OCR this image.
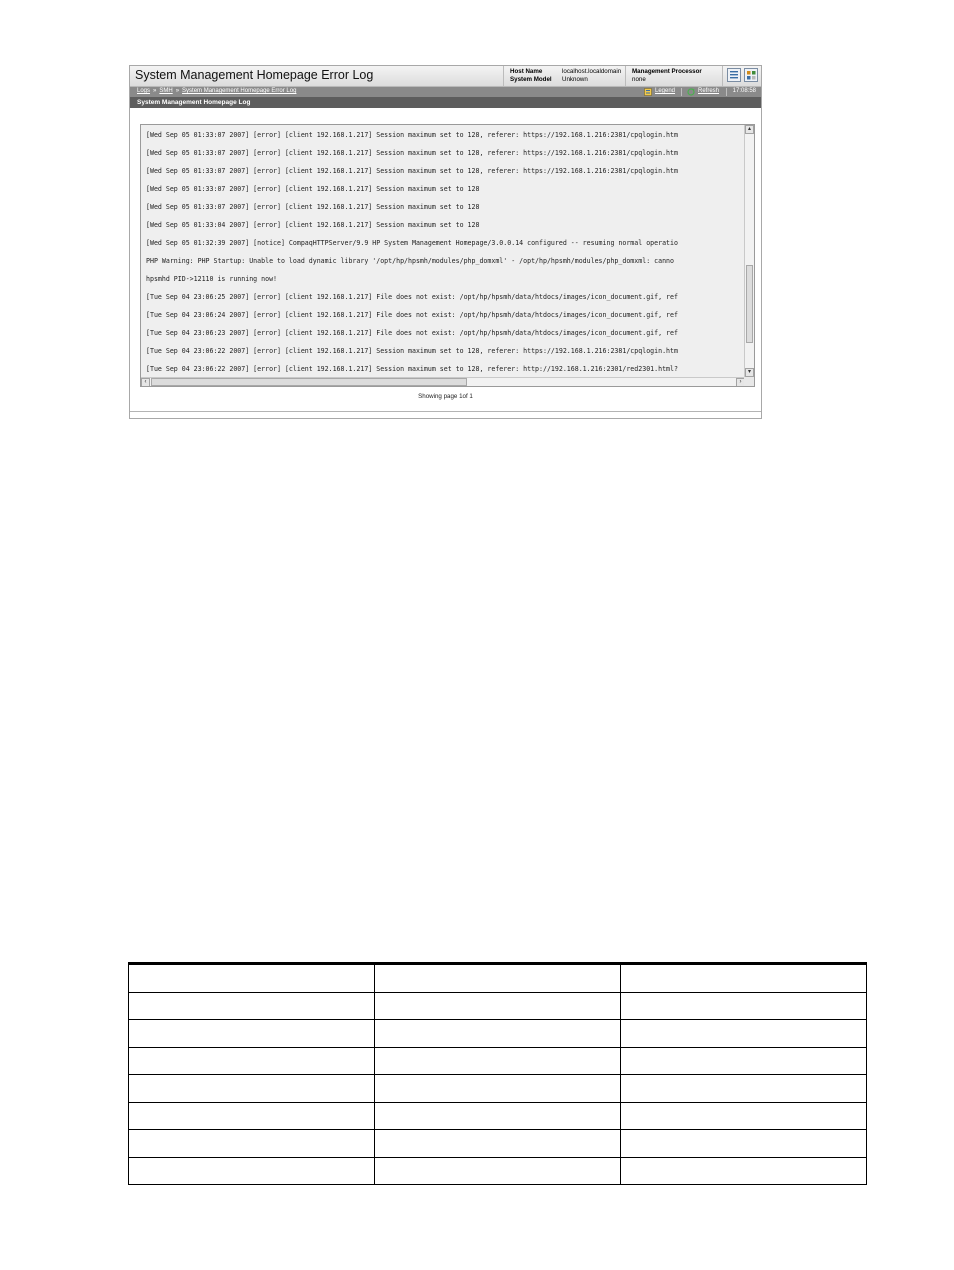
System Management Homepage Error Log	Host Name	localhost.localdomain
System Model Unknown
Management Processor
none
Logs » SMH » System Management Homepage Error Log	Legend	Refresh 17:08:58
System Management Homepage Log
[Wed Sep 05 01:33:07 2007] [error] [client 192.168.1.217] Session maximum set to 128, referer: https://192.168.1.216:2381/cpqlogin.htm
[Wed Sep 05 01:33:07 2007] [error] [client 192.168.1.217] Session maximum set to 128, referer: https://192.168.1.216:2381/cpqlogin.htm
[Wed Sep 05 01:33:07 2007] [error] [client 192.168.1.217] Session maximum set to 128, referer: https://192.168.1.216:2381/cpqlogin.htm
[Wed Sep 05 01:33:07 2007] [error] [client 192.168.1.217] Session maximum set to 128
[Wed Sep 05 01:33:07 2007] [error] [client 192.168.1.217] Session maximum set to 128
[Wed Sep 05 01:33:04 2007] [error] [client 192.168.1.217] Session maximum set to 128
[Wed Sep 05 01:32:39 2007] [notice] CompaqHTTPServer/9.9 HP System Management Homepage/3.0.0.14 configured -- resuming normal operatio
PHP Warning: PHP Startup: Unable to load dynamic library '/opt/hp/hpsmh/modules/php_domxml' - /opt/hp/hpsmh/modules/php_domxml: canno
hpsmhd PID->12110 is running now!
[Tue Sep 04 23:06:25 2007] [error] [client 192.168.1.217] File does not exist: /opt/hp/hpsmh/data/htdocs/images/icon_document.gif, ref
[Tue Sep 04 23:06:24 2007] [error] [client 192.168.1.217] File does not exist: /opt/hp/hpsmh/data/htdocs/images/icon_document.gif, ref
[Tue Sep 04 23:06:23 2007] [error] [client 192.168.1.217] File does not exist: /opt/hp/hpsmh/data/htdocs/images/icon_document.gif, ref
[Tue Sep 04 23:06:22 2007] [error] [client 192.168.1.217] Session maximum set to 128, referer: https://192.168.1.216:2381/cpqlogin.htm
[Tue Sep 04 23:06:22 2007] [error] [client 192.168.1.217] Session maximum set to 128, referer: http://192.168.1.216:2301/red2301.html?
▴
▾
‹	›
Showing page 1of 1
